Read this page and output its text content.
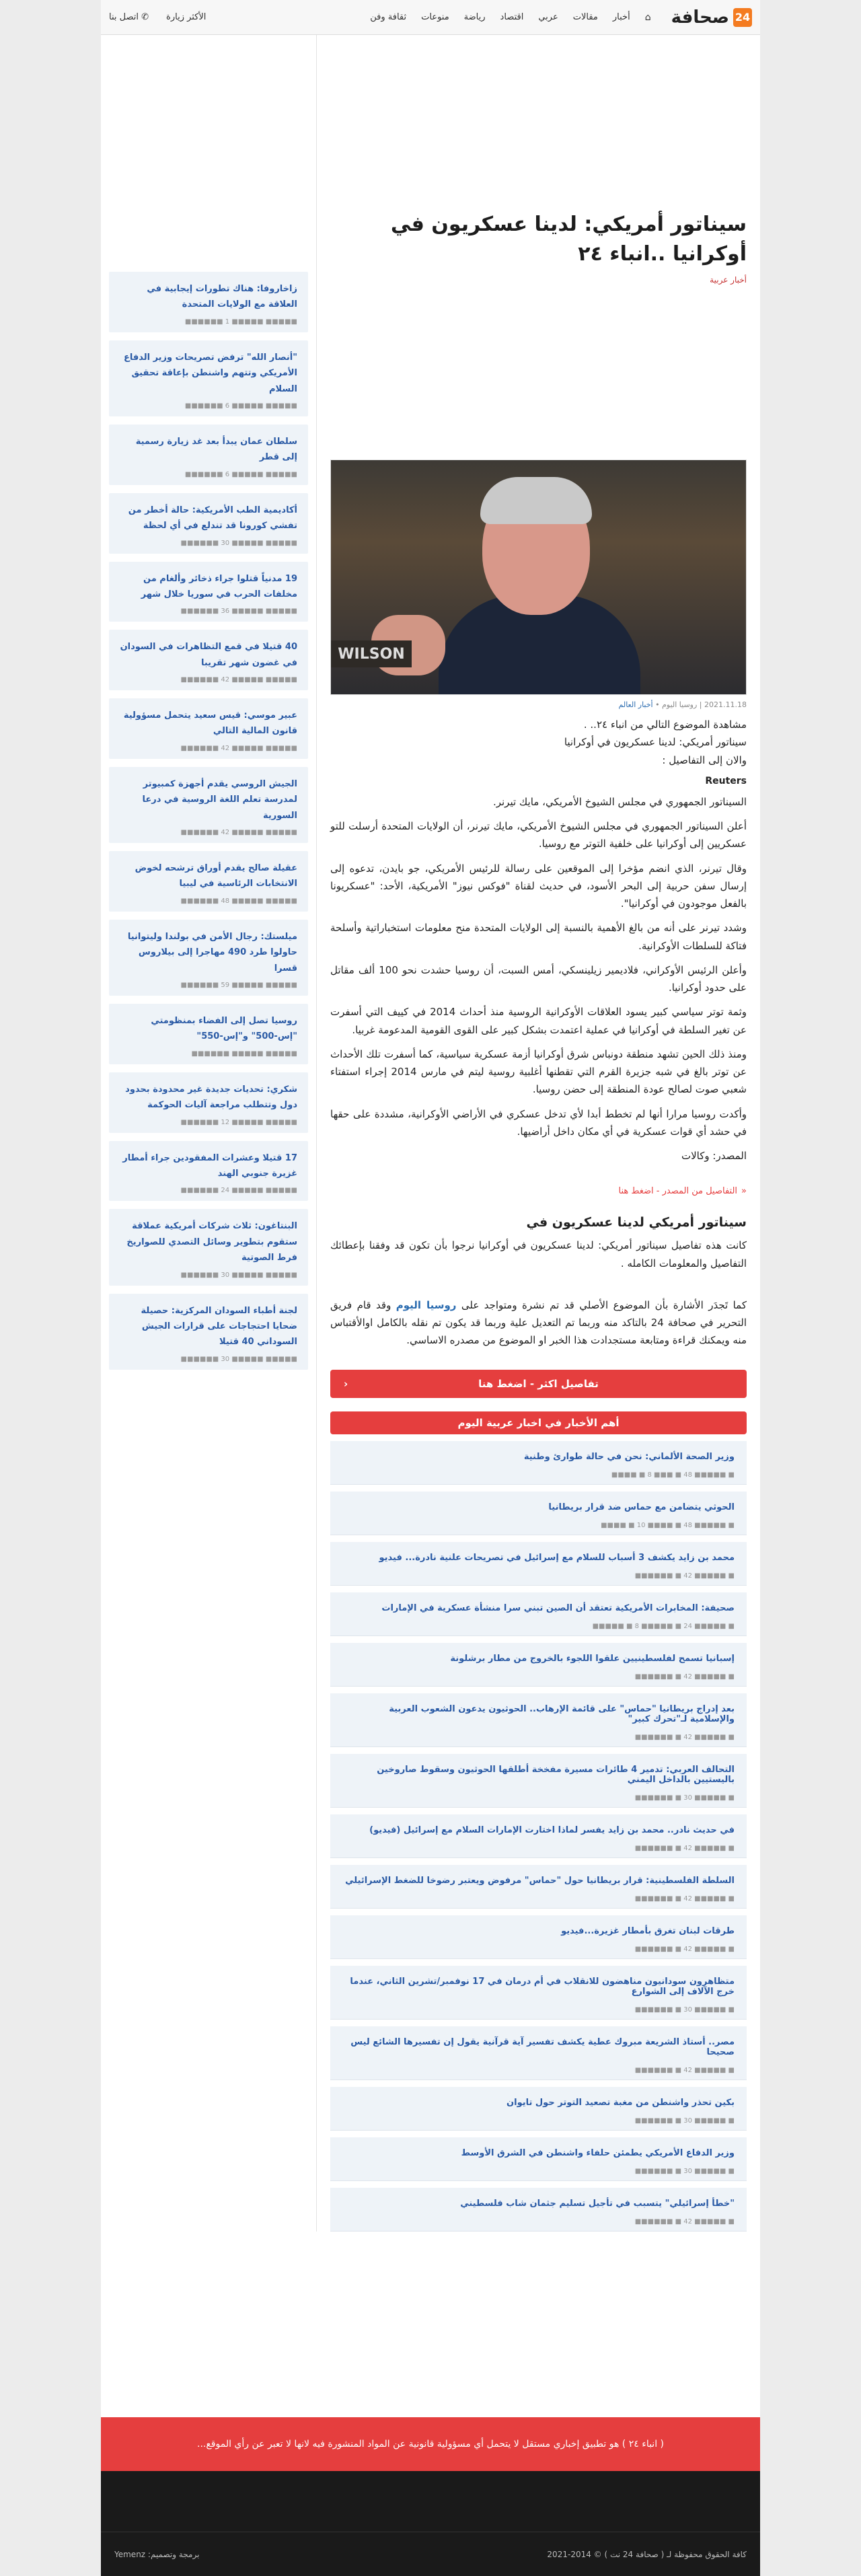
24
صحافة
⌂
أخبار
مقالات
عربي
اقتصاد
رياضة
منوعات
ثقافة وفن
الأكثر زيارة
✆ اتصل بنا
سيناتور أمريكي: لدينا عسكريون في أوكرانيا ..انباء ٢٤
أخبار عربية
WILSON
2021.11.18 | روسيا اليوم • أخبار العالم

مشاهدة الموضوع التالي من انباء ٢٤.. .

سيناتور أمريكي: لدينا عسكريون في أوكرانيا

والان إلى التفاصيل :

Reuters

السيناتور الجمهوري في مجلس الشيوخ الأمريكي، مايك تيرنر.

أعلن السيناتور الجمهوري في مجلس الشيوخ الأمريكي، مايك تيرنر، أن الولايات المتحدة أرسلت للتو عسكريين إلى أوكرانيا على خلفية التوتر مع روسيا.

وقال تيرنر، الذي انضم مؤخرا إلى الموقعين على رسالة للرئيس الأمريكي، جو بايدن، تدعوه إلى إرسال سفن حربية إلى البحر الأسود، في حديث لقناة "فوكس نيوز" الأمريكية، الأحد: "عسكريونا بالفعل موجودون في أوكرانيا".

وشدد تيرنر على أنه من بالغ الأهمية بالنسبة إلى الولايات المتحدة منح معلومات استخباراتية وأسلحة فتاكة للسلطات الأوكرانية.

وأعلن الرئيس الأوكراني، فلاديمير زيلينسكي، أمس السبت، أن روسيا حشدت نحو 100 ألف مقاتل على حدود أوكرانيا.

وثمة توتر سياسي كبير يسود العلاقات الأوكرانية الروسية منذ أحداث 2014 في كييف التي أسفرت عن تغير السلطة في أوكرانيا في عملية اعتمدت بشكل كبير على القوى القومية المدعومة غربيا.

ومنذ ذلك الحين تشهد منطقة دونباس شرق أوكرانيا أزمة عسكرية سياسية، كما أسفرت تلك الأحداث عن توتر بالغ في شبه جزيرة القرم التي تقطنها أغلبية روسية ليتم في مارس 2014 إجراء استفتاء شعبي صوت لصالح عودة المنطقة إلى حضن روسيا.

وأكدت روسيا مرارا أنها لم تخطط أبدا لأي تدخل عسكري في الأراضي الأوكرانية، مشددة على حقها في حشد أي قوات عسكرية في أي مكان داخل أراضيها.

المصدر: وكالات

«
التفاصيل من المصدر - اضغط هنا
سيناتور أمريكي لدينا عسكريون في

كانت هذه تفاصيل سيناتور أمريكي: لدينا عسكريون في أوكرانيا نرجوا بأن تكون قد وفقنا بإعطائك التفاصيل والمعلومات الكامله .

كما تَجدَر الأشارة بأن الموضوع الأصلي قد تم نشرة ومتواجد على روسيا اليوم وقد قام فريق التحرير في صحافة 24 بالتاكد منه وربما تم التعديل علية وربما قد يكون تم نقله بالكامل اوالأقتباس منه ويمكنك قراءة ومتابعة مستجدادت هذا الخبر او الموضوع من مصدره الاساسي.

تفاصيل اكثر - اضغط هنا
‹
أهم الأخبار في اخبار عربية اليوم
وزير الصحة الألماني: نحن في حالة طوارئ وطنية
■ ■■■■■ 48 ■ ■■■ 8 ■ ■■■■
الحوثي يتضامن مع حماس ضد قرار بريطانيا
■ ■■■■■ 48 ■ ■■■■ 10 ■ ■■■■
محمد بن زايد يكشف 3 أسباب للسلام مع إسرائيل في تصريحات علنية نادرة... فيديو
■ ■■■■■ 42 ■ ■■■■■■
صحيفة: المخابرات الأمريكية تعتقد أن الصين تبني سرا منشأة عسكرية في الإمارات
■ ■■■■■ 24 ■ ■■■■■ 8 ■ ■■■■■
إسبانيا تسمح لفلسطينيين علقوا اللجوء بالخروج من مطار برشلونة
■ ■■■■■ 42 ■ ■■■■■■
بعد إدراج بريطانيا "حماس" على قائمة الإرهاب.. الحوثيون يدعون الشعوب العربية والإسلامية لـ"تحرك كبير"
■ ■■■■■ 42 ■ ■■■■■■
التحالف العربي: تدمير 4 طائرات مسيرة مفخخة أطلقها الحوثيون وسقوط صاروخين باليستيين بالداخل اليمني
■ ■■■■■ 30 ■ ■■■■■■
في حديث نادر.. محمد بن زايد يفسر لماذا اختارت الإمارات السلام مع إسرائيل (فيديو)
■ ■■■■■ 42 ■ ■■■■■■
السلطة الفلسطينية: قرار بريطانيا حول "حماس" مرفوض ويعتبر رضوخا للضغط الإسرائيلي
■ ■■■■■ 42 ■ ■■■■■■
طرقات لبنان تغرق بأمطار غزيرة...فيديو
■ ■■■■■ 42 ■ ■■■■■■
متظاهرون سودانيون مناهضون للانقلاب في أم درمان في 17 نوفمبر/تشرين الثاني، عندما خرج الآلاف إلى الشوارع
■ ■■■■■ 30 ■ ■■■■■■
مصر.. أستاذ الشريعة مبروك عطية يكشف تفسير آية قرآنية يقول إن تفسيرها الشائع ليس صحيحا
■ ■■■■■ 42 ■ ■■■■■■
بكين تحذر واشنطن من مغبة تصعيد التوتر حول تايوان
■ ■■■■■ 30 ■ ■■■■■■
وزير الدفاع الأمريكي يطمئن حلفاء واشنطن في الشرق الأوسط
■ ■■■■■ 30 ■ ■■■■■■
"خطأ إسرائيلي" يتسبب في تأجيل تسليم جثمان شاب فلسطيني
■ ■■■■■ 42 ■ ■■■■■■
زاخاروفا: هناك تطورات إيجابية في العلاقة مع الولايات المتحدة
■■■■■ ■■■■■ 1 ■■■■■■
"أنصار الله" ترفض تصريحات وزير الدفاع الأمريكي وتتهم واشنطن بإعاقة تحقيق السلام
■■■■■ ■■■■■ 6 ■■■■■■
سلطان عمان يبدأ بعد غد زيارة رسمية إلى قطر
■■■■■ ■■■■■ 6 ■■■■■■
أكاديمية الطب الأمريكية: حالة أخطر من تفشي كورونا قد تندلع في أي لحظة
■■■■■ ■■■■■ 30 ■■■■■■
19 مدنياً قتلوا جراء ذخائر وألغام من مخلفات الحرب في سوريا خلال شهر
■■■■■ ■■■■■ 36 ■■■■■■
40 قتيلا في قمع التظاهرات في السودان في غضون شهر تقريبا
■■■■■ ■■■■■ 42 ■■■■■■
عبير موسي: قيس سعيد يتحمل مسؤولية قانون المالية التالي
■■■■■ ■■■■■ 42 ■■■■■■
الجيش الروسي يقدم أجهزة كمبيوتر لمدرسة تعلم اللغة الروسية في درعا السورية
■■■■■ ■■■■■ 42 ■■■■■■
عقيلة صالح يقدم أوراق ترشحه لخوض الانتخابات الرئاسية في ليبيا
■■■■■ ■■■■■ 48 ■■■■■■
ميلستك: رجال الأمن في بولندا وليتوانيا حاولوا طرد 490 مهاجرا إلى بيلاروس قسرا
■■■■■ ■■■■■ 59 ■■■■■■
روسيا تصل إلى الفضاء بمنظومتي "إس-500" و"إس-550"
■■■■■ ■■■■■ ■■■■■■
شكري: تحديات جديدة غير محدودة بحدود دول وتتطلب مراجعة آليات الحوكمة
■■■■■ ■■■■■ 12 ■■■■■■
17 قتيلا وعشرات المفقودين جراء أمطار غزيرة جنوبي الهند
■■■■■ ■■■■■ 24 ■■■■■■
البنتاغون: ثلاث شركات أمريكية عملاقة ستقوم بتطوير وسائل التصدي للصواريخ فرط الصوتية
■■■■■ ■■■■■ 30 ■■■■■■
لجنة أطباء السودان المركزية: حصيلة ضحايا احتجاجات على قرارات الجيش السوداني 40 قتيلا
■■■■■ ■■■■■ 30 ■■■■■■
( انباء ٢٤ ) هو تطبيق إخباري مستقل لا يتحمل أي مسؤولية قانونية عن المواد المنشورة فيه لانها لا تعبر عن رأي الموقع...
كافة الحقوق محفوظة لـ ( صحافة 24 نت ) © 2014-2021
برمجة وتصميم: Yemenz
